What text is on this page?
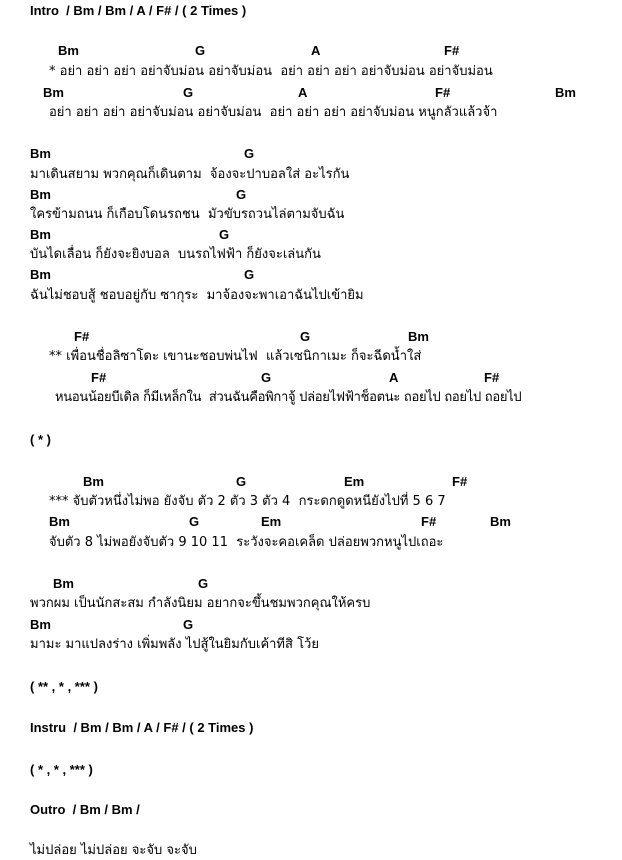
Intro  / Bm / Bm / A / F# / ( 2 Times )
Bm	G	A	F#
* อย่า อย่า อย่า อย่าจับม่อน อย่าจับม่อน  อย่า อย่า อย่า อย่าจับม่อน อย่าจับม่อน
Bm	G	A	F#	Bm
อย่า อย่า อย่า อย่าจับม่อน อย่าจับม่อน  อย่า อย่า อย่า อย่าจับม่อน หนูกลัวแล้วจ้า
Bm	G
มาเดินสยาม พวกคุณก็เดินตาม  จ้องจะปาบอลใส่ อะไรกัน
Bm	G
ใครข้ามถนน ก็เกือบโดนรถชน  มัวขับรถวนไล่ตามจับฉัน
Bm	G
บันไดเลื่อน ก็ยังจะยิงบอล  บนรถไฟฟ้า ก็ยังจะเล่นกัน
Bm	G
ฉันไม่ชอบสู้ ชอบอยู่กับ ซากุระ  มาจ้องจะพาเอาฉันไปเข้ายิม
F#	G	Bm
** เพื่อนชื่อลิซาโดะ เขานะชอบพ่นไฟ  แล้วเซนิกาเมะ ก็จะฉีดน้ำใส่
F#	G	A	F#
หนอนน้อยบีเดิล ก็มีเหล็กใน  ส่วนฉันคือพิกาจู้ ปล่อยไฟฟ้าช็อตนะ ถอยไป ถอยไป ถอยไป
( * )
Bm	G	Em	F#
*** จับตัวหนึ่งไม่พอ ยังจับ ตัว 2 ตัว 3 ตัว 4  กระดกดูดหนียังไปที่ 5 6 7
Bm	G	Em	F#	Bm
จับตัว 8 ไม่พอยังจับตัว 9 10 11  ระวังจะคอเคล็ด ปล่อยพวกหนูไปเถอะ
Bm	G
พวกผม เป็นนักสะสม กำลังนิยม อยากจะขึ้นชมพวกคุณให้ครบ
Bm	G
มามะ มาแปลงร่าง เพิ่มพลัง ไปสู้ในยิมกับเค้าทีสิ โว้ย
( ** , * , *** )
Instru  / Bm / Bm / A / F# / ( 2 Times )
( * , * , *** )
Outro  / Bm / Bm /
ไม่ปล่อย ไม่ปล่อย จะจับ จะจับ
